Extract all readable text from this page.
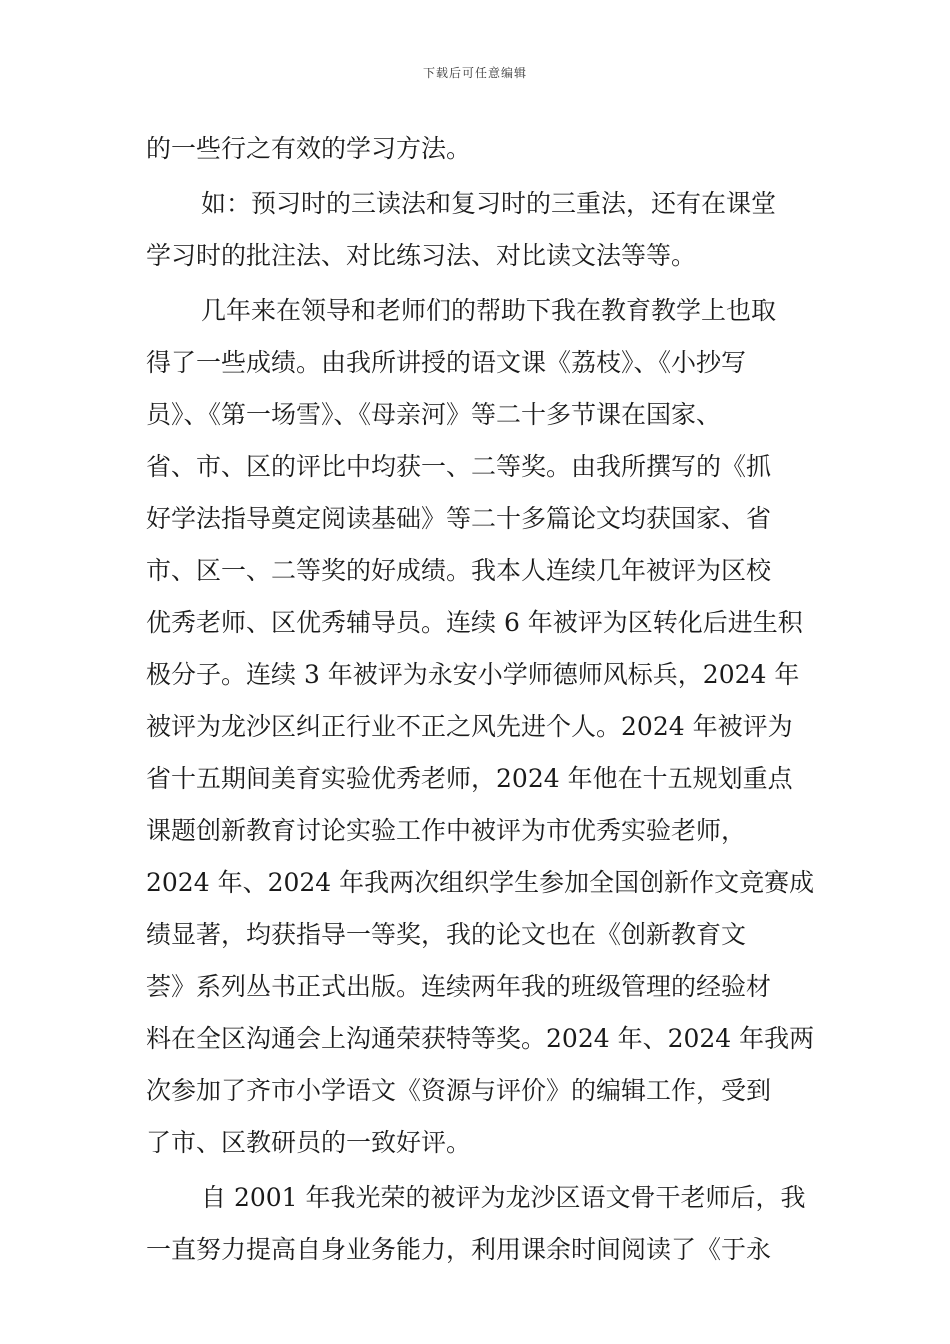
下载后可任意编辑
的一些行之有效的学习方法。
如：预习时的三读法和复习时的三重法，还有在课堂
学习时的批注法、对比练习法、对比读文法等等。
几年来在领导和老师们的帮助下我在教育教学上也取
得了一些成绩。由我所讲授的语文课《荔枝》、《小抄写
员》、《第一场雪》、《母亲河》等二十多节课在国家、
省、市、区的评比中均获一、二等奖。由我所撰写的《抓
好学法指导奠定阅读基础》等二十多篇论文均获国家、省
市、区一、二等奖的好成绩。我本人连续几年被评为区校
优秀老师、区优秀辅导员。连续 6 年被评为区转化后进生积
极分子。连续 3 年被评为永安小学师德师风标兵，2024 年
被评为龙沙区纠正行业不正之风先进个人。2024 年被评为
省十五期间美育实验优秀老师，2024 年他在十五规划重点
课题创新教育讨论实验工作中被评为市优秀实验老师，
2024 年、2024 年我两次组织学生参加全国创新作文竞赛成
绩显著，均获指导一等奖，我的论文也在《创新教育文
荟》系列丛书正式出版。连续两年我的班级管理的经验材
料在全区沟通会上沟通荣获特等奖。2024 年、2024 年我两
次参加了齐市小学语文《资源与评价》的编辑工作，受到
了市、区教研员的一致好评。
自 2001 年我光荣的被评为龙沙区语文骨干老师后，我
一直努力提高自身业务能力，利用课余时间阅读了《于永
